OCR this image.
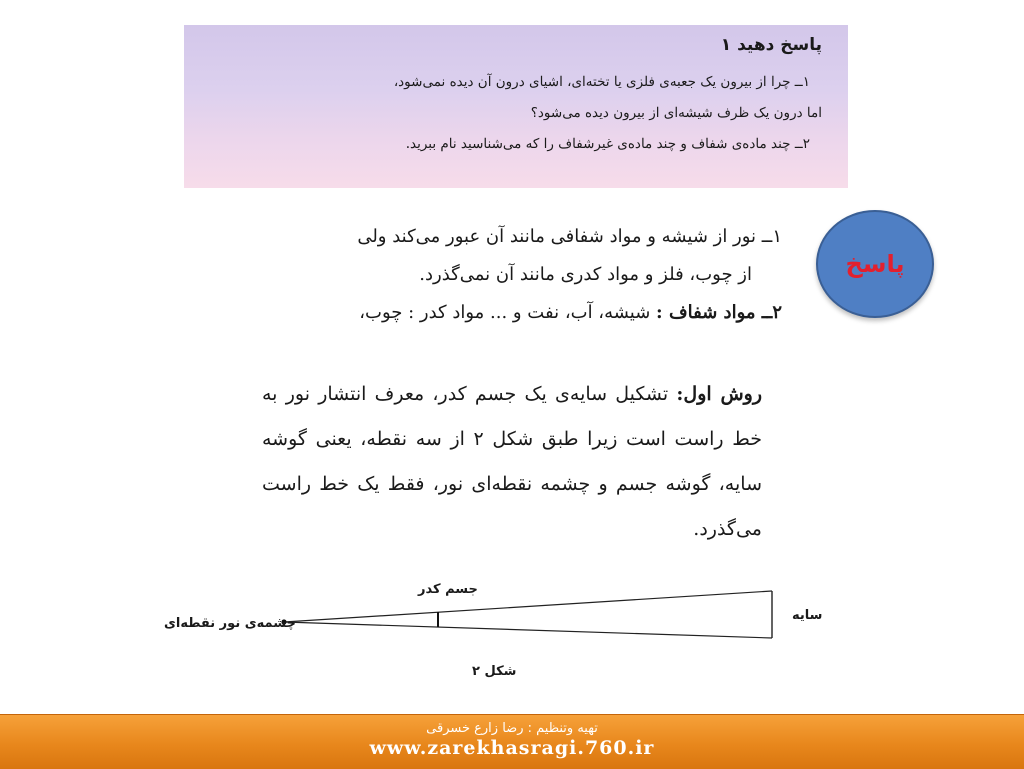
پاسخ دهید ۱
۱ــ چرا از بیرون یک جعبه‌ی فلزی یا تخته‌ای، اشیای درون آن دیده نمی‌شود،
اما درون یک ظرف شیشه‌ای از بیرون دیده می‌شود؟
۲ــ چند ماده‌ی شفاف و چند ماده‌ی غیرشفاف را که می‌شناسید نام ببرید.
پاسخ
۱ــ نور از شیشه و مواد شفافی مانند آن عبور می‌کند ولی
از چوب، فلز و مواد کدری مانند آن نمی‌گذرد.
۲ــ مواد شفاف : شیشه، آب، نفت و ... مواد کدر : چوب،
روش اول: تشکیل سایه‌ی یک جسم کدر، معرف انتشار نور به خط راست است زیرا طبق شکل ۲ از سه نقطه، یعنی گوشه سایه، گوشه جسم و چشمه نقطه‌ای نور، فقط یک خط راست می‌گذرد.
چشمه‌ی نور نقطه‌ای
جسم کدر
سایه
شکل ۲
تهیه وتنظیم : رضا زارع خسرقی
www.zarekhasragi.760.ir
